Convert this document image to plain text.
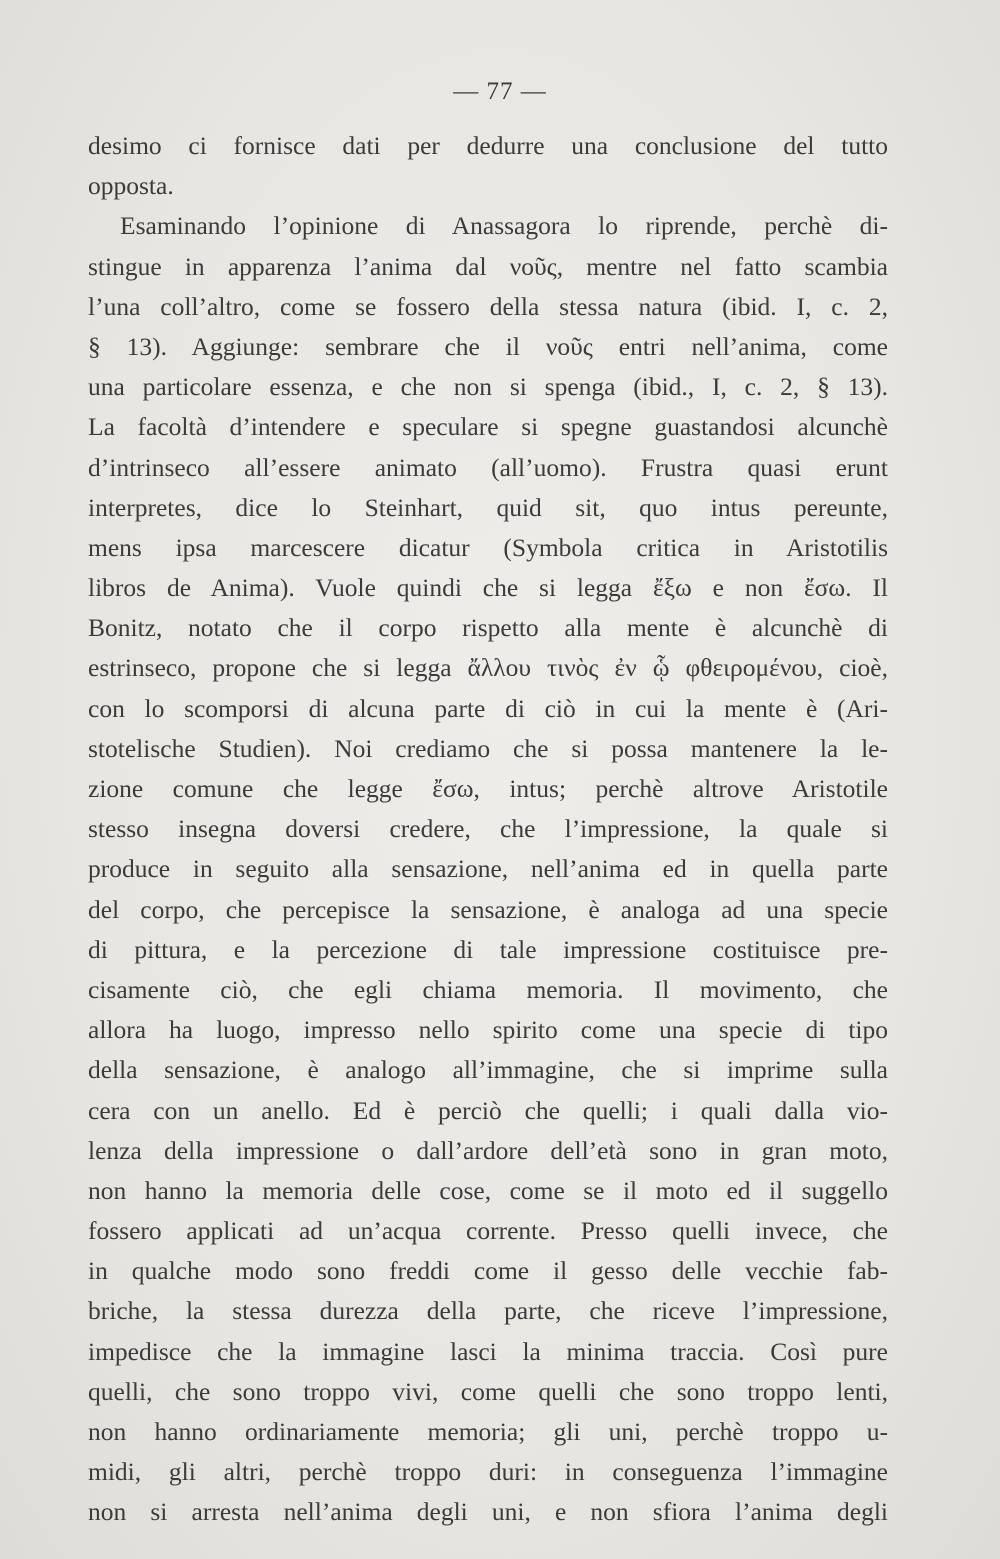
— 77 —
desimo ci fornisce dati per dedurre una conclusione del tutto
opposta.
Esaminando l’opinione di Anassagora lo riprende, perchè di-
stingue in apparenza l’anima dal νοῦς, mentre nel fatto scambia
l’una coll’altro, come se fossero della stessa natura (ibid. I, c. 2,
§ 13). Aggiunge: sembrare che il νοῦς entri nell’anima, come
una particolare essenza, e che non si spenga (ibid., I, c. 2, § 13).
La facoltà d’intendere e speculare si spegne guastandosi alcunchè
d’intrinseco all’essere animato (all’uomo). Frustra quasi erunt
interpretes, dice lo Steinhart, quid sit, quo intus pereunte,
mens ipsa marcescere dicatur (Symbola critica in Aristotilis
libros de Anima). Vuole quindi che si legga ἔξω e non ἔσω. Il
Bonitz, notato che il corpo rispetto alla mente è alcunchè di
estrinseco, propone che si legga ἄλλου τινὸς ἐν ᾧ φθειρομένου, cioè,
con lo scomporsi di alcuna parte di ciò in cui la mente è (Ari-
stotelische Studien). Noi crediamo che si possa mantenere la le-
zione comune che legge ἔσω, intus; perchè altrove Aristotile
stesso insegna doversi credere, che l’impressione, la quale si
produce in seguito alla sensazione, nell’anima ed in quella parte
del corpo, che percepisce la sensazione, è analoga ad una specie
di pittura, e la percezione di tale impressione costituisce pre-
cisamente ciò, che egli chiama memoria. Il movimento, che
allora ha luogo, impresso nello spirito come una specie di tipo
della sensazione, è analogo all’immagine, che si imprime sulla
cera con un anello. Ed è perciò che quelli; i quali dalla vio-
lenza della impressione o dall’ardore dell’età sono in gran moto,
non hanno la memoria delle cose, come se il moto ed il suggello
fossero applicati ad un’acqua corrente. Presso quelli invece, che
in qualche modo sono freddi come il gesso delle vecchie fab-
briche, la stessa durezza della parte, che riceve l’impressione,
impedisce che la immagine lasci la minima traccia. Così pure
quelli, che sono troppo vivi, come quelli che sono troppo lenti,
non hanno ordinariamente memoria; gli uni, perchè troppo u-
midi, gli altri, perchè troppo duri: in conseguenza l’immagine
non si arresta nell’anima degli uni, e non sfiora l’anima degli
